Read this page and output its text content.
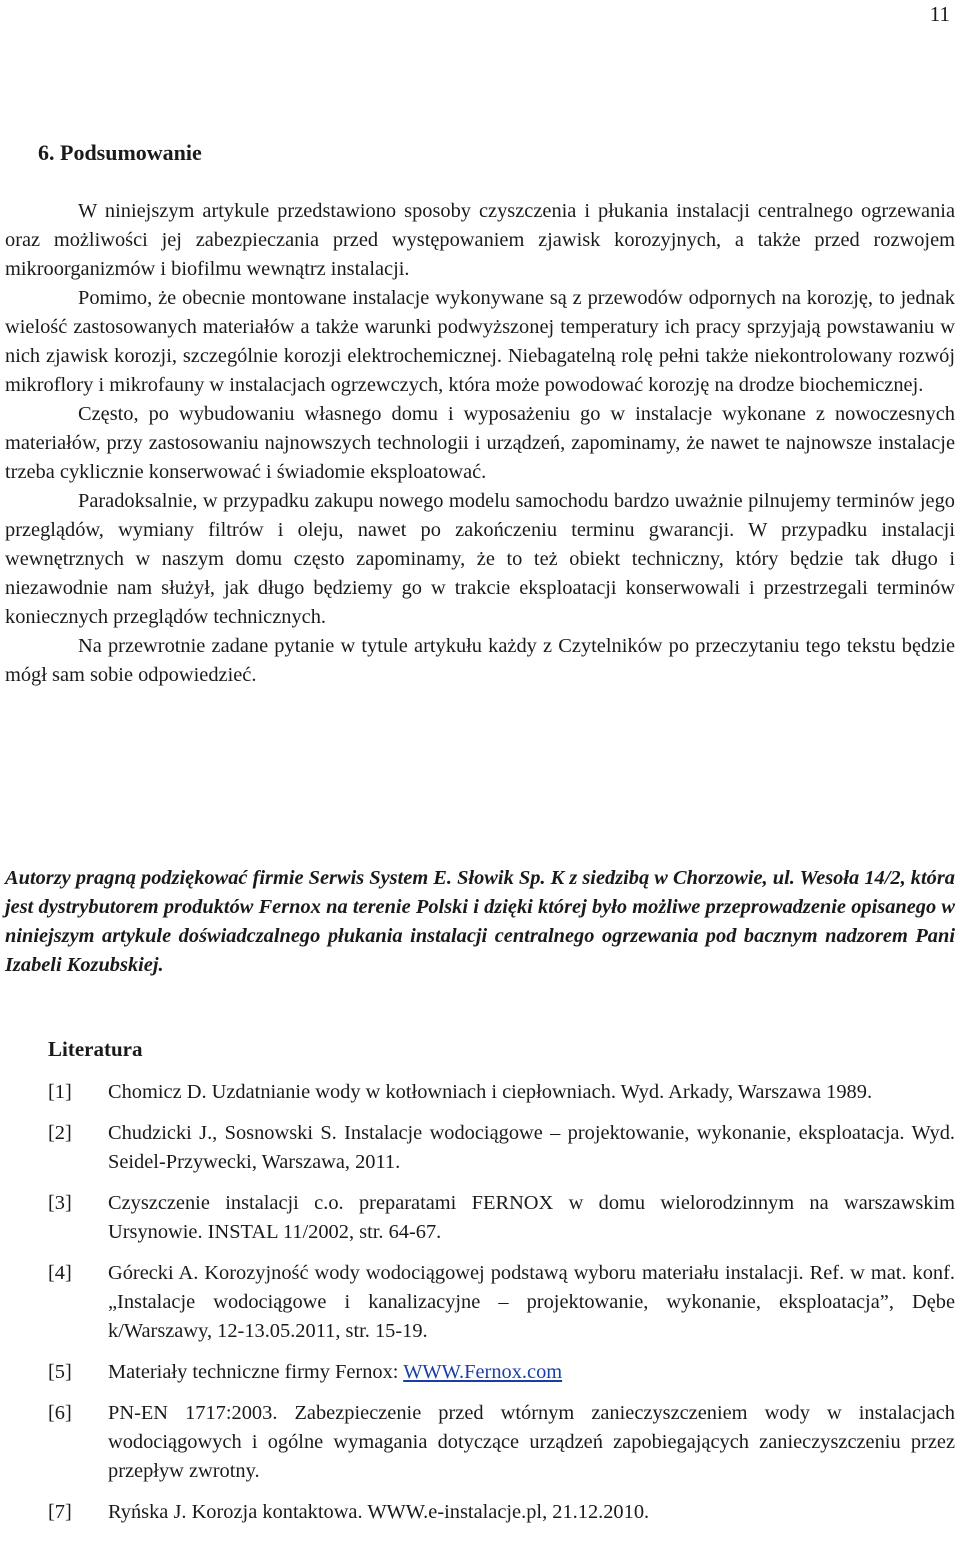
11
6. Podsumowanie

W niniejszym artykule przedstawiono sposoby czyszczenia i płukania instalacji centralnego ogrzewania oraz możliwości jej zabezpieczania przed występowaniem zjawisk korozyjnych, a także przed rozwojem mikroorganizmów i biofilmu wewnątrz instalacji.

Pomimo, że obecnie montowane instalacje wykonywane są z przewodów odpornych na korozję, to jednak wielość zastosowanych materiałów a także warunki podwyższonej temperatury ich pracy sprzyjają powstawaniu w nich zjawisk korozji, szczególnie korozji elektrochemicznej. Niebagatelną rolę pełni także niekontrolowany rozwój mikroflory i mikrofauny w instalacjach ogrzewczych, która może powodować korozję na drodze biochemicznej.

Często, po wybudowaniu własnego domu i wyposażeniu go w instalacje wykonane z nowoczesnych materiałów, przy zastosowaniu najnowszych technologii i urządzeń, zapominamy, że nawet te najnowsze instalacje trzeba cyklicznie konserwować i świadomie eksploatować.

Paradoksalnie, w przypadku zakupu nowego modelu samochodu bardzo uważnie pilnujemy terminów jego przeglądów, wymiany filtrów i oleju, nawet po zakończeniu terminu gwarancji. W przypadku instalacji wewnętrznych w naszym domu często zapominamy, że to też obiekt techniczny, który będzie tak długo i niezawodnie nam służył, jak długo będziemy go w trakcie eksploatacji konserwowali i przestrzegali terminów koniecznych przeglądów technicznych.

Na przewrotnie zadane pytanie w tytule artykułu każdy z Czytelników po przeczytaniu tego tekstu będzie mógł sam sobie odpowiedzieć.

Autorzy pragną podziękować firmie Serwis System E. Słowik Sp. K z siedzibą w Chorzowie, ul. Wesoła 14/2, która jest dystrybutorem produktów Fernox na terenie Polski i dzięki której było możliwe przeprowadzenie opisanego w niniejszym artykule doświadczalnego płukania instalacji centralnego ogrzewania pod bacznym nadzorem Pani Izabeli Kozubskiej.

Literatura
[1]	Chomicz D. Uzdatnianie wody w kotłowniach i ciepłowniach. Wyd. Arkady, Warszawa 1989.
[2]	Chudzicki J., Sosnowski S. Instalacje wodociągowe – projektowanie, wykonanie, eksploatacja. Wyd. Seidel-Przywecki, Warszawa, 2011.
[3]	Czyszczenie instalacji c.o. preparatami FERNOX w domu wielorodzinnym na warszawskim Ursynowie. INSTAL 11/2002, str. 64-67.
[4]	Górecki A. Korozyjność wody wodociągowej podstawą wyboru materiału instalacji. Ref. w mat. konf. „Instalacje wodociągowe i kanalizacyjne – projektowanie, wykonanie, eksploatacja”, Dębe k/Warszawy, 12-13.05.2011, str. 15-19.
[5]	Materiały techniczne firmy Fernox: WWW.Fernox.com
[6]	PN-EN 1717:2003. Zabezpieczenie przed wtórnym zanieczyszczeniem wody w instalacjach wodociągowych i ogólne wymagania dotyczące urządzeń zapobiegających zanieczyszczeniu przez przepływ zwrotny.
[7]	Ryńska J. Korozja kontaktowa. WWW.e-instalacje.pl, 21.12.2010.
